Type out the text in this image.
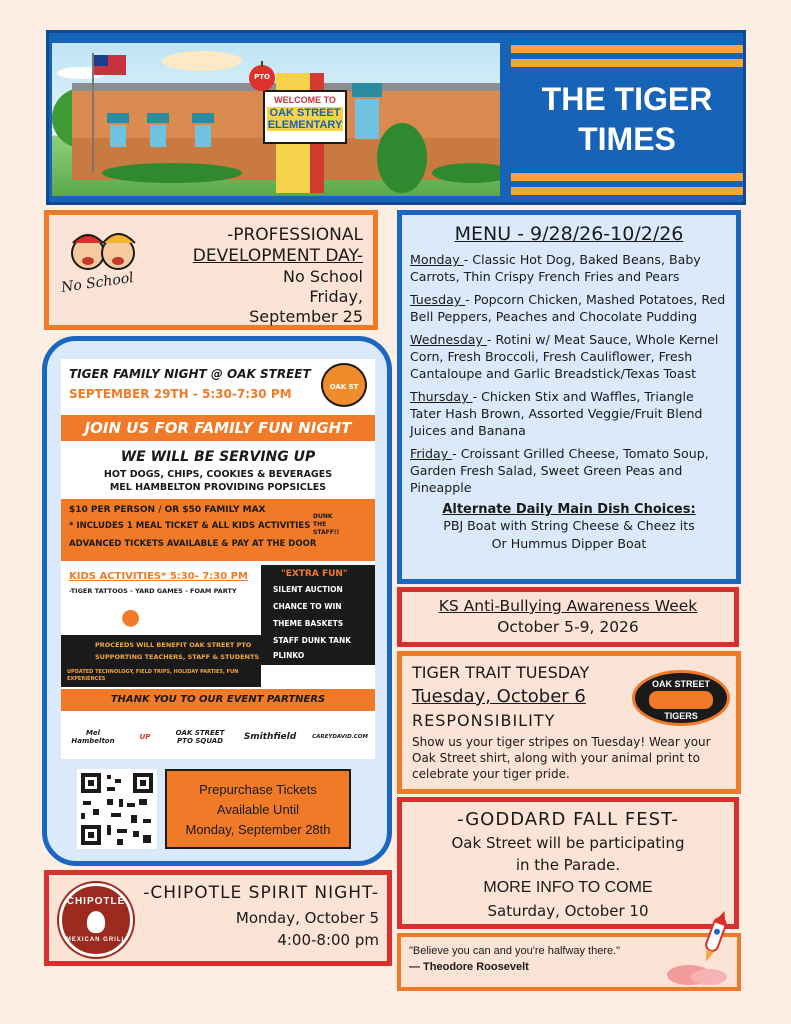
WELCOME TO
OAK STREET
ELEMENTARY
PTO
THE TIGER
TIMES
No School
-PROFESSIONAL
DEVELOPMENT DAY-
No School
Friday,
September 25
MENU - 9/28/26-10/2/26
Monday - Classic Hot Dog, Baked Beans, Baby Carrots, Thin Crispy French Fries and Pears
Tuesday - Popcorn Chicken, Mashed Potatoes, Red Bell Peppers, Peaches and Chocolate Pudding
Wednesday - Rotini w/ Meat Sauce, Whole Kernel Corn, Fresh Broccoli, Fresh Cauliflower, Fresh Cantaloupe and Garlic Breadstick/Texas Toast
Thursday - Chicken Stix and Waffles, Triangle Tater Hash Brown, Assorted Veggie/Fruit Blend Juices and Banana
Friday - Croissant Grilled Cheese, Tomato Soup, Garden Fresh Salad, Sweet Green Peas and Pineapple
Alternate Daily Main Dish Choices:
PBJ Boat with String Cheese & Cheez its
Or Hummus Dipper Boat
TIGER FAMILY NIGHT @ OAK STREET
SEPTEMBER 29TH - 5:30-7:30 PM	OAK ST
JOIN US FOR FAMILY FUN NIGHT
WE WILL BE SERVING UP
HOT DOGS, CHIPS, COOKIES & BEVERAGES
MEL HAMBELTON PROVIDING POPSICLES
$10 PER PERSON / OR $50 FAMILY MAX
* INCLUDES 1 MEAL TICKET & ALL KIDS ACTIVITIES
ADVANCED TICKETS AVAILABLE & PAY AT THE DOOR
DUNK THE STAFF!!
KIDS ACTIVITIES* 5:30- 7:30 PM
-TIGER TATTOOS - YARD GAMES - FOAM PARTY
●
"EXTRA FUN"
SILENT AUCTION
CHANCE TO WIN
THEME BASKETS
STAFF DUNK TANK
PLINKO
PROCEEDS WILL BENEFIT OAK STREET PTO
SUPPORTING TEACHERS, STAFF & STUDENTS
UPDATED TECHNOLOGY, FIELD TRIPS, HOLIDAY PARTIES, FUN EXPERIENCES
THANK YOU TO OUR EVENT PARTNERS
Mel Hambelton	UP	OAK STREET PTO SQUAD	Smithfield	CAREYDAVID.COM
Prepurchase Tickets
Available Until
Monday, September 28th
KS Anti-Bullying Awareness Week
October 5-9, 2026
TIGER TRAIT TUESDAY
Tuesday, October 6
RESPONSIBILITY
Show us your tiger stripes on Tuesday! Wear your Oak Street shirt, along with your animal print to celebrate your tiger pride.
OAK STREET
TIGERS
-GODDARD FALL FEST-
Oak Street will be participating
in the Parade.
MORE INFO TO COME
Saturday, October 10
"Believe you can and you're halfway there."
— Theodore Roosevelt
CHIPOTLE
MEXICAN GRILL
-CHIPOTLE SPIRIT NIGHT-
Monday, October 5
4:00-8:00 pm
